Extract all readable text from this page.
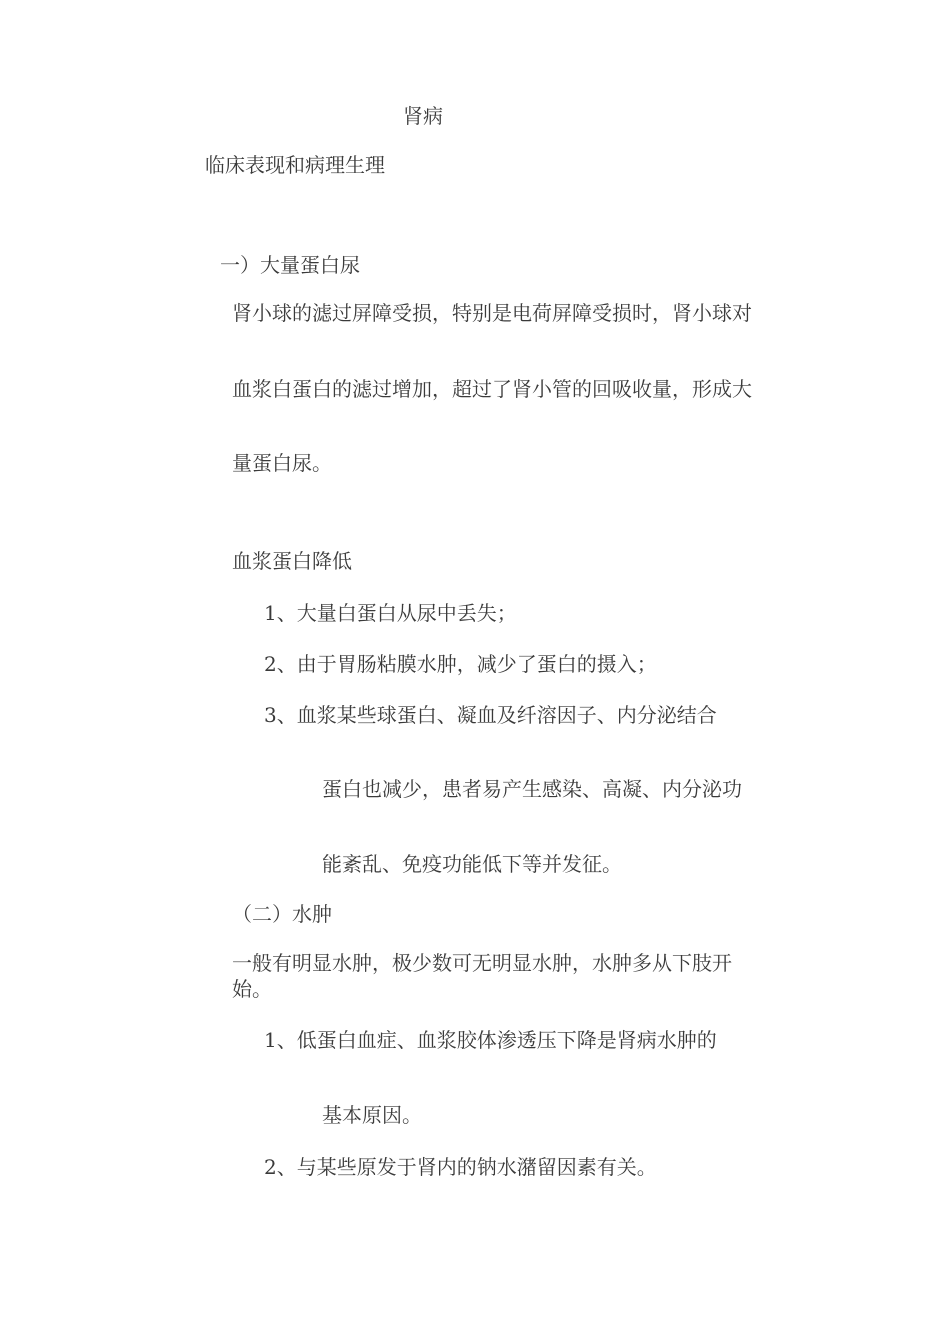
肾病
临床表现和病理生理
一）大量蛋白尿
肾小球的滤过屏障受损，特别是电荷屏障受损时，肾小球对
血浆白蛋白的滤过增加，超过了肾小管的回吸收量，形成大
量蛋白尿。
血浆蛋白降低
1、大量白蛋白从尿中丢失；
2、由于胃肠粘膜水肿，减少了蛋白的摄入；
3、血浆某些球蛋白、凝血及纤溶因子、内分泌结合
蛋白也减少，患者易产生感染、高凝、内分泌功
能紊乱、免疫功能低下等并发征。
（二）水肿
一般有明显水肿，极少数可无明显水肿，水肿多从下肢开始。
1、低蛋白血症、血浆胶体渗透压下降是肾病水肿的
基本原因。
2、与某些原发于肾内的钠水潴留因素有关。
